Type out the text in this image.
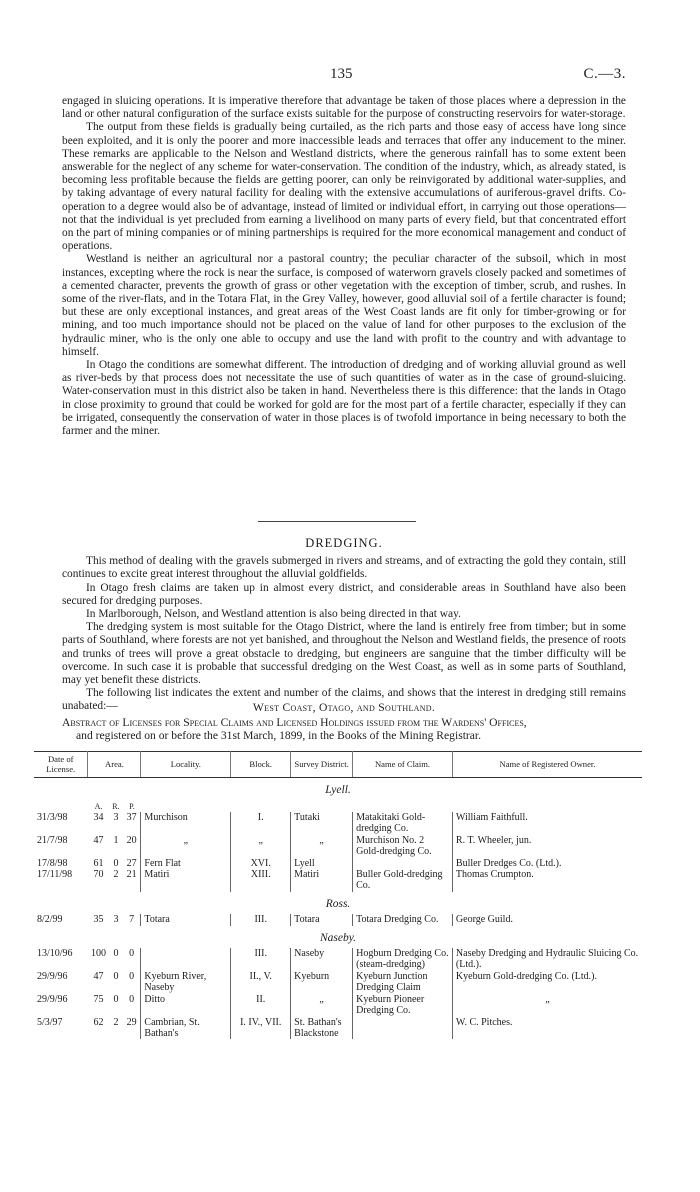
135	C.—3.

engaged in sluicing operations. It is imperative therefore that advantage be taken of those places where a depression in the land or other natural configuration of the surface exists suitable for the purpose of constructing reservoirs for water-storage.

The output from these fields is gradually being curtailed, as the rich parts and those easy of access have long since been exploited, and it is only the poorer and more inaccessible leads and terraces that offer any inducement to the miner. These remarks are applicable to the Nelson and Westland districts, where the generous rainfall has to some extent been answerable for the neglect of any scheme for water-conservation. The condition of the industry, which, as already stated, is becoming less profitable because the fields are getting poorer, can only be reinvigorated by additional water-supplies, and by taking advantage of every natural facility for dealing with the extensive accumulations of auriferous-gravel drifts. Co-operation to a degree would also be of advantage, instead of limited or individual effort, in carrying out those operations—not that the individual is yet precluded from earning a livelihood on many parts of every field, but that concentrated effort on the part of mining companies or of mining partnerships is required for the more economical management and conduct of operations.

Westland is neither an agricultural nor a pastoral country; the peculiar character of the subsoil, which in most instances, excepting where the rock is near the surface, is composed of waterworn gravels closely packed and sometimes of a cemented character, prevents the growth of grass or other vegetation with the exception of timber, scrub, and rushes. In some of the river-flats, and in the Totara Flat, in the Grey Valley, however, good alluvial soil of a fertile character is found; but these are only exceptional instances, and great areas of the West Coast lands are fit only for timber-growing or for mining, and too much importance should not be placed on the value of land for other purposes to the exclusion of the hydraulic miner, who is the only one able to occupy and use the land with profit to the country and with advantage to himself.

In Otago the conditions are somewhat different. The introduction of dredging and of working alluvial ground as well as river-beds by that process does not necessitate the use of such quantities of water as in the case of ground-sluicing. Water-conservation must in this district also be taken in hand. Nevertheless there is this difference: that the lands in Otago in close proximity to ground that could be worked for gold are for the most part of a fertile character, especially if they can be irrigated, consequently the conservation of water in those places is of twofold importance in being necessary to both the farmer and the miner.

DREDGING.

This method of dealing with the gravels submerged in rivers and streams, and of extracting the gold they contain, still continues to excite great interest throughout the alluvial goldfields.

In Otago fresh claims are taken up in almost every district, and considerable areas in Southland have also been secured for dredging purposes.

In Marlborough, Nelson, and Westland attention is also being directed in that way.

The dredging system is most suitable for the Otago District, where the land is entirely free from timber; but in some parts of Southland, where forests are not yet banished, and throughout the Nelson and Westland fields, the presence of roots and trunks of trees will prove a great obstacle to dredging, but engineers are sanguine that the timber difficulty will be overcome. In such case it is probable that successful dredging on the West Coast, as well as in some parts of Southland, may yet benefit these districts.

The following list indicates the extent and number of the claims, and shows that the interest in dredging still remains unabated:—	West Coast, Otago, and Southland.
Abstract of Licenses for Special Claims and Licensed Holdings issued from the Wardens' Offices,
and registered on or before the 31st March, 1899, in the Books of the Mining Registrar.
Date of License.	Area.			Locality.	Block.	Survey District.	Name of Claim.	Name of Registered Owner.
Lyell.								
	A.	R.	P.					
31/3/98	34	3	37	Murchison	I.	Tutaki	Matakitaki Gold-dredging Co.	William Faithfull.
21/7/98	47	1	20	„	„	„	Murchison No. 2 Gold-dredging Co.	R. T. Wheeler, jun.
17/8/98	61	0	27	Fern Flat	XVI.	Lyell		Buller Dredges Co. (Ltd.).
17/11/98	70	2	21	Matiri	XIII.	Matiri	Buller Gold-dredging Co.	Thomas Crumpton.
Ross.								
8/2/99	35	3	7	Totara	III.	Totara	Totara Dredging Co.	George Guild.
Naseby.								
13/10/96	100	0	0		III.	Naseby	Hogburn Dredging Co. (steam-dredging)	Naseby Dredging and Hydraulic Sluicing Co. (Ltd.).
29/9/96	47	0	0	Kyeburn River, Naseby	II., V.	Kyeburn	Kyeburn Junction Dredging Claim	Kyeburn Gold-dredging Co. (Ltd.).
29/9/96	75	0	0	Ditto	II.	„	Kyeburn Pioneer Dredging Co.	„
5/3/97	62	2	29	Cambrian, St. Bathan's	I. IV., VII.	St. Bathan's Blackstone		W. C. Pitches.
